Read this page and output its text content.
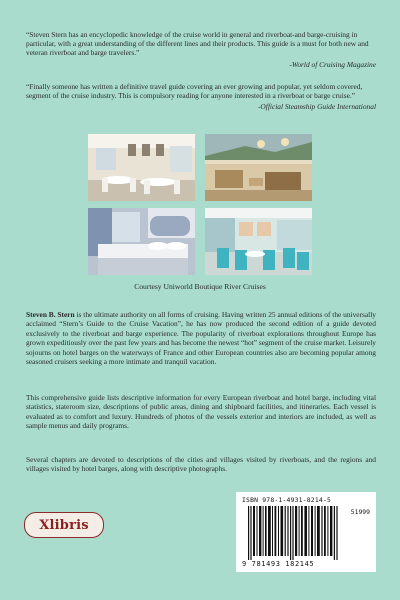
“Steven Stern has an encyclopedic knowledge of the cruise world in general and riverboat-and barge-cruising in particular, with a great understanding of the different lines and their products. This guide is a must for both new and veteran riverboat and barge travelers.”

-World of Cruising Magazine

“Finally someone has written a definitive travel guide covering an ever growing and popular, yet seldom covered, segment of the cruise industry. This is compulsory reading for anyone interested in a riverboat or barge cruise.”

-Official Steamship Guide International

Courtesy Uniworld Boutique River Cruises

Steven B. Stern is the ultimate authority on all forms of cruising. Having written 25 annual editions of the universally acclaimed “Stern’s Guide to the Cruise Vacation”, he has now produced the second edition of a guide devoted exclusively to the riverboat and barge experience. The popularity of riverboat explorations throughout Europe has grown expeditiously over the past few years and has become the newest “hot” segment of the cruise market. Leisurely sojourns on hotel barges on the waterways of France and other European countries also are becoming popular among seasoned cruisers seeking a more intimate and tranquil vacation.

This comprehensive guide lists descriptive information for every European riverboat and hotel barge, including vital statistics, stateroom size, descriptions of public areas, dining and shipboard facilities, and itineraries. Each vessel is evaluated as to comfort and luxury. Hundreds of photos of the vessels exterior and interiors are included, as well as sample menus and daily programs.

Several chapters are devoted to descriptions of the cities and villages visited by riverboats, and the regions and villages visited by hotel barges, along with descriptive photographs.

Xlibris
ISBN 978-1-4931-8214-5
51999
9 781493 182145
